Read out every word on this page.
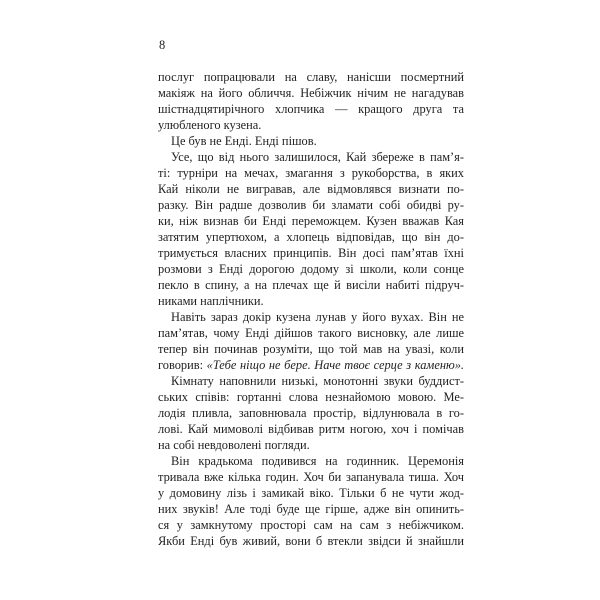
8
послуг попрацювали на славу, нанісши посмертний
макіяж на його обличчя. Небіжчик нічим не нагадував
шістнадцятирічного хлопчика — кращого друга та
улюбленого кузена.
Це був не Енді. Енді пішов.
Усе, що від нього залишилося, Кай збереже в пам’я-
ті: турніри на мечах, змагання з рукоборства, в яких
Кай ніколи не вигравав, але відмовлявся визнати по-
разку. Він радше дозволив би зламати собі обидві ру-
ки, ніж визнав би Енді переможцем. Кузен вважав Кая
затятим упертюхом, а хлопець відповідав, що він до-
тримується власних принципів. Він досі пам’ятав їхні
розмови з Енді дорогою додому зі школи, коли сонце
пекло в спину, а на плечах ще й висіли набиті підруч-
никами наплічники.
Навіть зараз докір кузена лунав у його вухах. Він не
пам’ятав, чому Енді дійшов такого висновку, але лише
тепер він починав розуміти, що той мав на увазі, коли
говорив: «Тебе ніщо не бере. Наче твоє серце з каменю».
Кімнату наповнили низькі, монотонні звуки буддист-
ських співів: гортанні слова незнайомою мовою. Ме-
лодія пливла, заповнювала простір, відлунювала в го-
лові. Кай мимоволі відбивав ритм ногою, хоч і помічав
на собі невдоволені погляди.
Він крадькома подивився на годинник. Церемонія
тривала вже кілька годин. Хоч би запанувала тиша. Хоч
у домовину лізь і замикай віко. Тільки б не чути жод-
них звуків! Але тоді буде ще гірше, адже він опинить-
ся у замкнутому просторі сам на сам з небіжчиком.
Якби Енді був живий, вони б втекли звідси й знайшли
